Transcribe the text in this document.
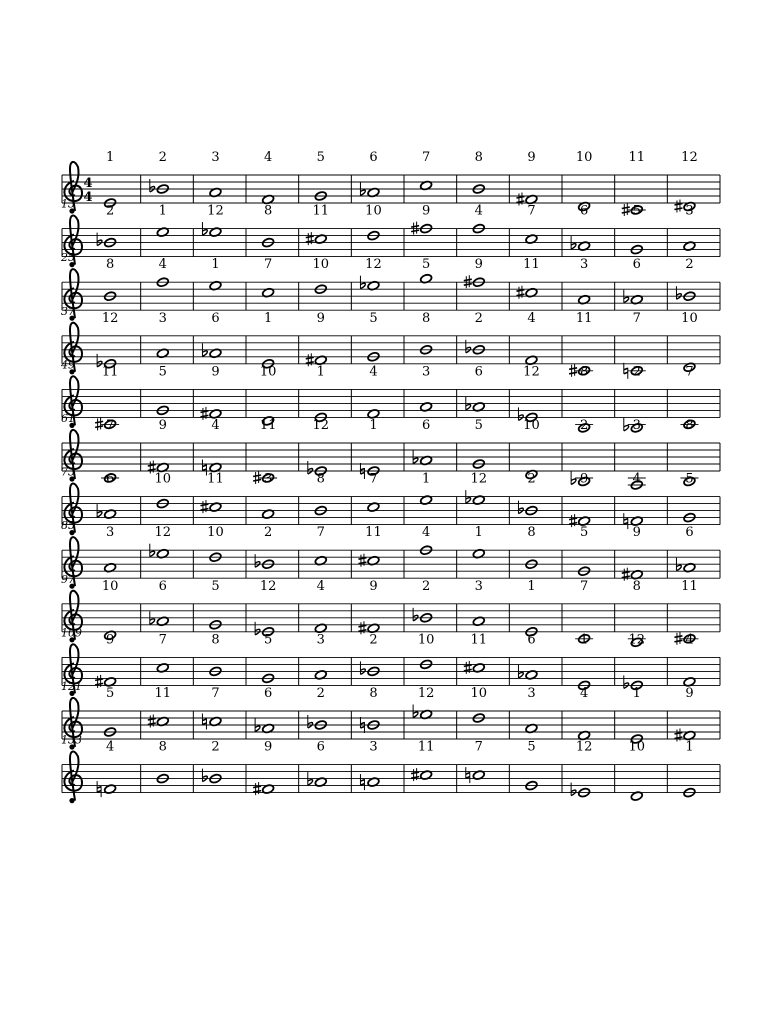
4
4
1	2	3	4	5	6	7	8	9	10	11	12
13 2	1	12	8	11	10	9	4	7	6	5	3
25 8	4	1	7	10	12	5	9	11	3	6	2
37 12	3	6	1	9	5	8	2	4	11	7	10
49 11	5	9	10	1	4	3	6	12	8	2	7
61 7	9	4	11	12	1	6	5	10	2	3	8
73 6	10	11	3	8	7	1	12	2	9	4	5
85 3	12	10	2	7	11	4	1	8	5	9	6
97 10	6	5	12	4	9	2	3	1	7	8	11
109 9	7	8	5	3	2	10	11	6	1	12	4
121 5	11	7	6	2	8	12	10	3	4	1	9
133 4	8	2	9	6	3	11	7	5	12	10	1
